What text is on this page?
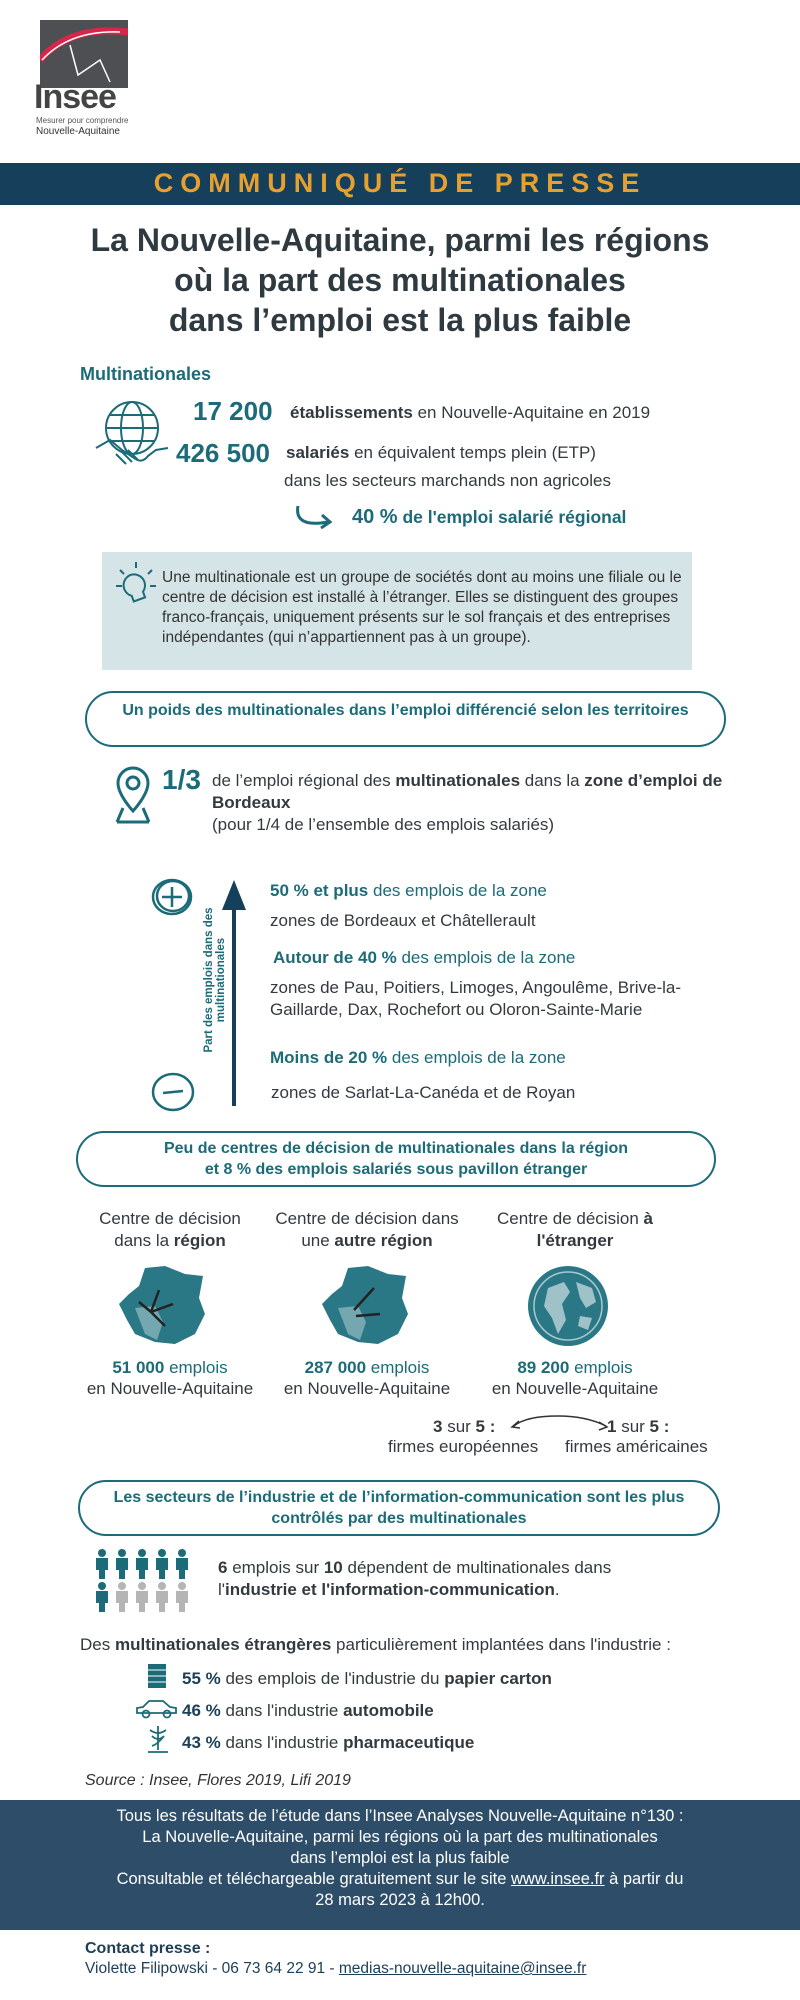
Insee
Mesurer pour comprendre
Nouvelle-Aquitaine
COMMUNIQUÉ DE PRESSE
La Nouvelle-Aquitaine, parmi les régions
où la part des multinationales
dans l’emploi est la plus faible
Multinationales
17 200 établissements en Nouvelle-Aquitaine en 2019
426 500 salariés en équivalent temps plein (ETP)
dans les secteurs marchands non agricoles
40 % de l'emploi salarié régional
Une multinationale est un groupe de sociétés dont au moins une filiale ou le centre de décision est installé à l’étranger. Elles se distinguent des groupes franco-français, uniquement présents sur le sol français et des entreprises indépendantes (qui n’appartiennent pas à un groupe).
Un poids des multinationales dans l’emploi différencié selon les territoires
1/3 de l’emploi régional des multinationales dans la zone d’emploi de Bordeaux
(pour 1/4 de l’ensemble des emplois salariés)
Part des emplois dans des multinationales
50 % et plus des emplois de la zone
zones de Bordeaux et Châtellerault
Autour de 40 % des emplois de la zone
zones de Pau, Poitiers, Limoges, Angoulême, Brive-la-Gaillarde, Dax, Rochefort ou Oloron-Sainte-Marie
Moins de 20 % des emplois de la zone
zones de Sarlat-La-Canéda et de Royan
Peu de centres de décision de multinationales dans la région
et 8 % des emplois salariés sous pavillon étranger
Centre de décision
dans la région
51 000 emplois
en Nouvelle-Aquitaine
Centre de décision dans
une autre région
287 000 emplois
en Nouvelle-Aquitaine
Centre de décision à
l'étranger
89 200 emplois
en Nouvelle-Aquitaine
3 sur 5 :
firmes européennes
1 sur 5 :
firmes américaines
Les secteurs de l’industrie et de l’information-communication sont les plus
contrôlés par des multinationales
6 emplois sur 10 dépendent de multinationales dans
l'industrie et l'information-communication.
Des multinationales étrangères particulièrement implantées dans l'industrie :
55 % des emplois de l'industrie du papier carton
46 % dans l'industrie automobile
43 % dans l'industrie pharmaceutique
Source : Insee, Flores 2019, Lifi 2019
Tous les résultats de l’étude dans l’Insee Analyses Nouvelle-Aquitaine n°130 :
La Nouvelle-Aquitaine, parmi les régions où la part des multinationales
dans l’emploi est la plus faible
Consultable et téléchargeable gratuitement sur le site www.insee.fr à partir du
28 mars 2023 à 12h00.
Contact presse :
Violette Filipowski - 06 73 64 22 91 - medias-nouvelle-aquitaine@insee.fr
